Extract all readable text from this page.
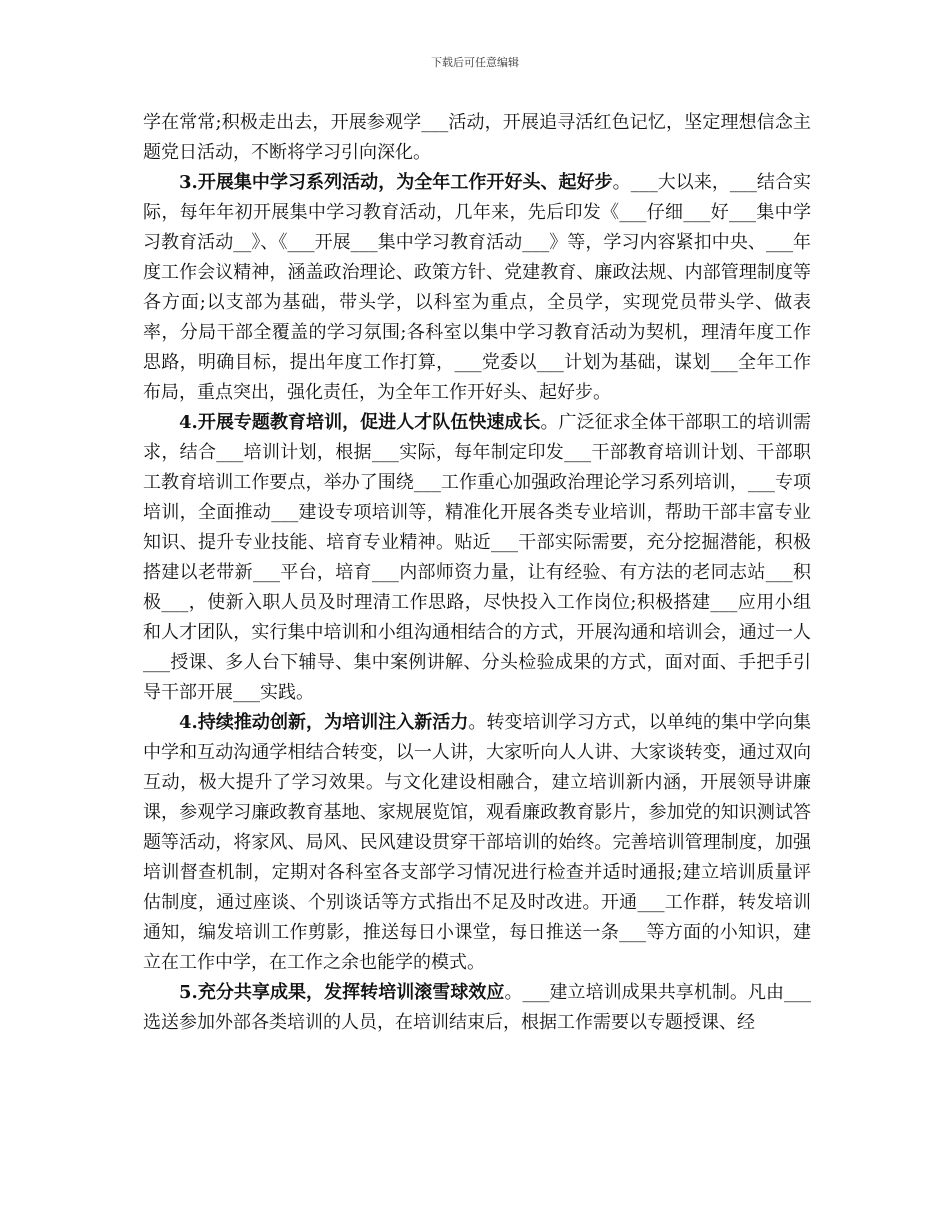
下载后可任意编辑

学在常常;积极走出去，开展参观学___活动，开展追寻活红色记忆，坚定理想信念主题党日活动，不断将学习引向深化。

3.开展集中学习系列活动，为全年工作开好头、起好步。___大以来，___结合实际，每年年初开展集中学习教育活动，几年来，先后印发《___仔细___好___集中学习教育活动__》、《___开展___集中学习教育活动___》等，学习内容紧扣中央、___年度工作会议精神，涵盖政治理论、政策方针、党建教育、廉政法规、内部管理制度等各方面;以支部为基础，带头学，以科室为重点，全员学，实现党员带头学、做表率，分局干部全覆盖的学习氛围;各科室以集中学习教育活动为契机，理清年度工作思路，明确目标，提出年度工作打算，___党委以___计划为基础，谋划___全年工作布局，重点突出，强化责任，为全年工作开好头、起好步。

4.开展专题教育培训，促进人才队伍快速成长。广泛征求全体干部职工的培训需求，结合___培训计划，根据___实际，每年制定印发___干部教育培训计划、干部职工教育培训工作要点，举办了围绕___工作重心加强政治理论学习系列培训，___专项培训，全面推动___建设专项培训等，精准化开展各类专业培训，帮助干部丰富专业知识、提升专业技能、培育专业精神。贴近___干部实际需要，充分挖掘潜能，积极搭建以老带新___平台，培育___内部师资力量，让有经验、有方法的老同志站___积极___，使新入职人员及时理清工作思路，尽快投入工作岗位;积极搭建___应用小组和人才团队，实行集中培训和小组沟通相结合的方式，开展沟通和培训会，通过一人___授课、多人台下辅导、集中案例讲解、分头检验成果的方式，面对面、手把手引导干部开展___实践。

4.持续推动创新，为培训注入新活力。转变培训学习方式，以单纯的集中学向集中学和互动沟通学相结合转变，以一人讲，大家听向人人讲、大家谈转变，通过双向互动，极大提升了学习效果。与文化建设相融合，建立培训新内涵，开展领导讲廉课，参观学习廉政教育基地、家规展览馆，观看廉政教育影片，参加党的知识测试答题等活动，将家风、局风、民风建设贯穿干部培训的始终。完善培训管理制度，加强培训督查机制，定期对各科室各支部学习情况进行检查并适时通报;建立培训质量评估制度，通过座谈、个别谈话等方式指出不足及时改进。开通___工作群，转发培训通知，编发培训工作剪影，推送每日小课堂，每日推送一条___等方面的小知识，建立在工作中学，在工作之余也能学的模式。

5.充分共享成果，发挥转培训滚雪球效应。___建立培训成果共享机制。凡由___选送参加外部各类培训的人员，在培训结束后，根据工作需要以专题授课、经
